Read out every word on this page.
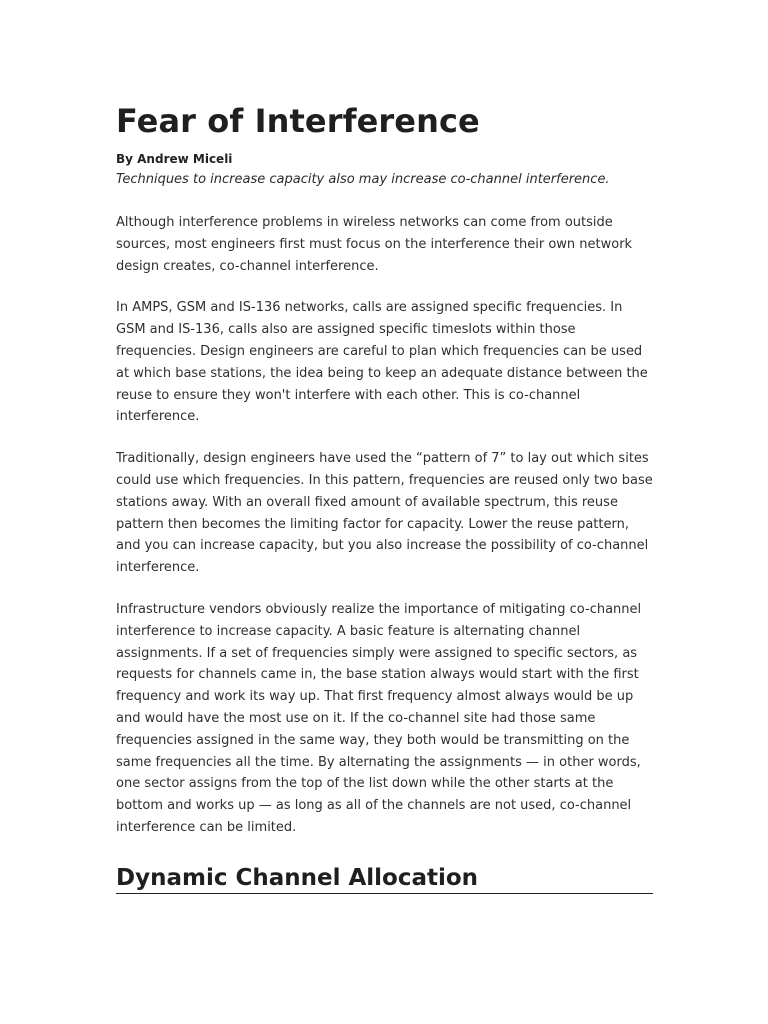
Fear of Interference
By Andrew Miceli
Techniques to increase capacity also may increase co-channel interference.

Although interference problems in wireless networks can come from outside sources, most engineers first must focus on the interference their own network design creates, co-channel interference.

In AMPS, GSM and IS-136 networks, calls are assigned specific frequencies. In GSM and IS-136, calls also are assigned specific timeslots within those frequencies. Design engineers are careful to plan which frequencies can be used at which base stations, the idea being to keep an adequate distance between the reuse to ensure they won't interfere with each other. This is co-channel interference.

Traditionally, design engineers have used the “pattern of 7” to lay out which sites could use which frequencies. In this pattern, frequencies are reused only two base stations away. With an overall fixed amount of available spectrum, this reuse pattern then becomes the limiting factor for capacity. Lower the reuse pattern, and you can increase capacity, but you also increase the possibility of co-channel interference.

Infrastructure vendors obviously realize the importance of mitigating co-channel interference to increase capacity. A basic feature is alternating channel assignments. If a set of frequencies simply were assigned to specific sectors, as requests for channels came in, the base station always would start with the first frequency and work its way up. That first frequency almost always would be up and would have the most use on it. If the co-channel site had those same frequencies assigned in the same way, they both would be transmitting on the same frequencies all the time. By alternating the assignments — in other words, one sector assigns from the top of the list down while the other starts at the bottom and works up — as long as all of the channels are not used, co-channel interference can be limited.

Dynamic Channel Allocation
